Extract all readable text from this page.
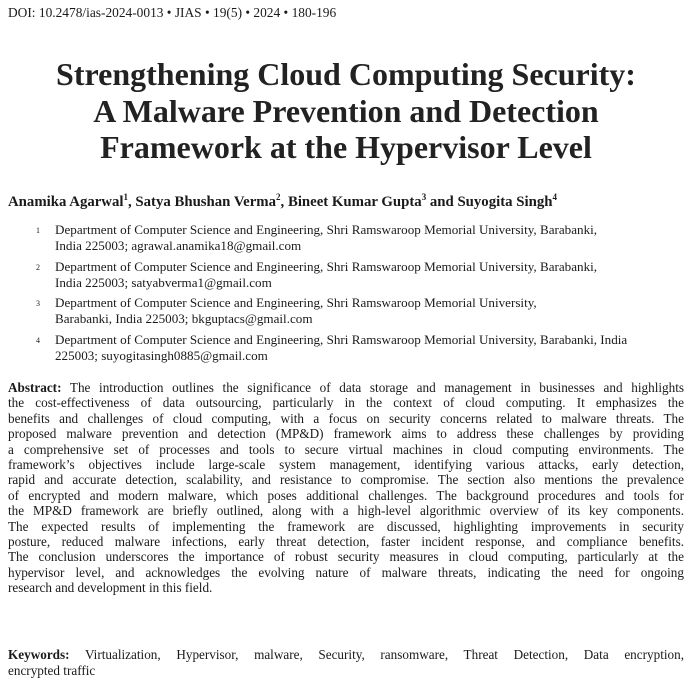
DOI: 10.2478/ias-2024-0013 • JIAS • 19(5) • 2024 • 180-196
Strengthening Cloud Computing Security:
A Malware Prevention and Detection
Framework at the Hypervisor Level
Anamika Agarwal$^1$, Satya Bhushan Verma$^2$, Bineet Kumar Gupta$^3$ and Suyogita Singh$^4$
1 Department of Computer Science and Engineering, Shri Ramswaroop Memorial University, Barabanki,
India 225003; agrawal.anamika18@gmail.com
2 Department of Computer Science and Engineering, Shri Ramswaroop Memorial University, Barabanki,
India 225003; satyabverma1@gmail.com
3 Department of Computer Science and Engineering, Shri Ramswaroop Memorial University,
Barabanki, India 225003; bkguptacs@gmail.com
4 Department of Computer Science and Engineering, Shri Ramswaroop Memorial University, Barabanki, India
225003; suyogitasingh0885@gmail.com
Abstract: The introduction outlines the significance of data storage and management in businesses and highlights
the cost-effectiveness of data outsourcing, particularly in the context of cloud computing. It emphasizes the
benefits and challenges of cloud computing, with a focus on security concerns related to malware threats. The
proposed malware prevention and detection (MP&D) framework aims to address these challenges by providing
a comprehensive set of processes and tools to secure virtual machines in cloud computing environments. The
framework’s objectives include large-scale system management, identifying various attacks, early detection,
rapid and accurate detection, scalability, and resistance to compromise. The section also mentions the prevalence
of encrypted and modern malware, which poses additional challenges. The background procedures and tools for
the MP&D framework are briefly outlined, along with a high-level algorithmic overview of its key components.
The expected results of implementing the framework are discussed, highlighting improvements in security
posture, reduced malware infections, early threat detection, faster incident response, and compliance benefits.
The conclusion underscores the importance of robust security measures in cloud computing, particularly at the
hypervisor level, and acknowledges the evolving nature of malware threats, indicating the need for ongoing
research and development in this field.
Keywords: Virtualization, Hypervisor, malware, Security, ransomware, Threat Detection, Data encryption,
encrypted traffic
